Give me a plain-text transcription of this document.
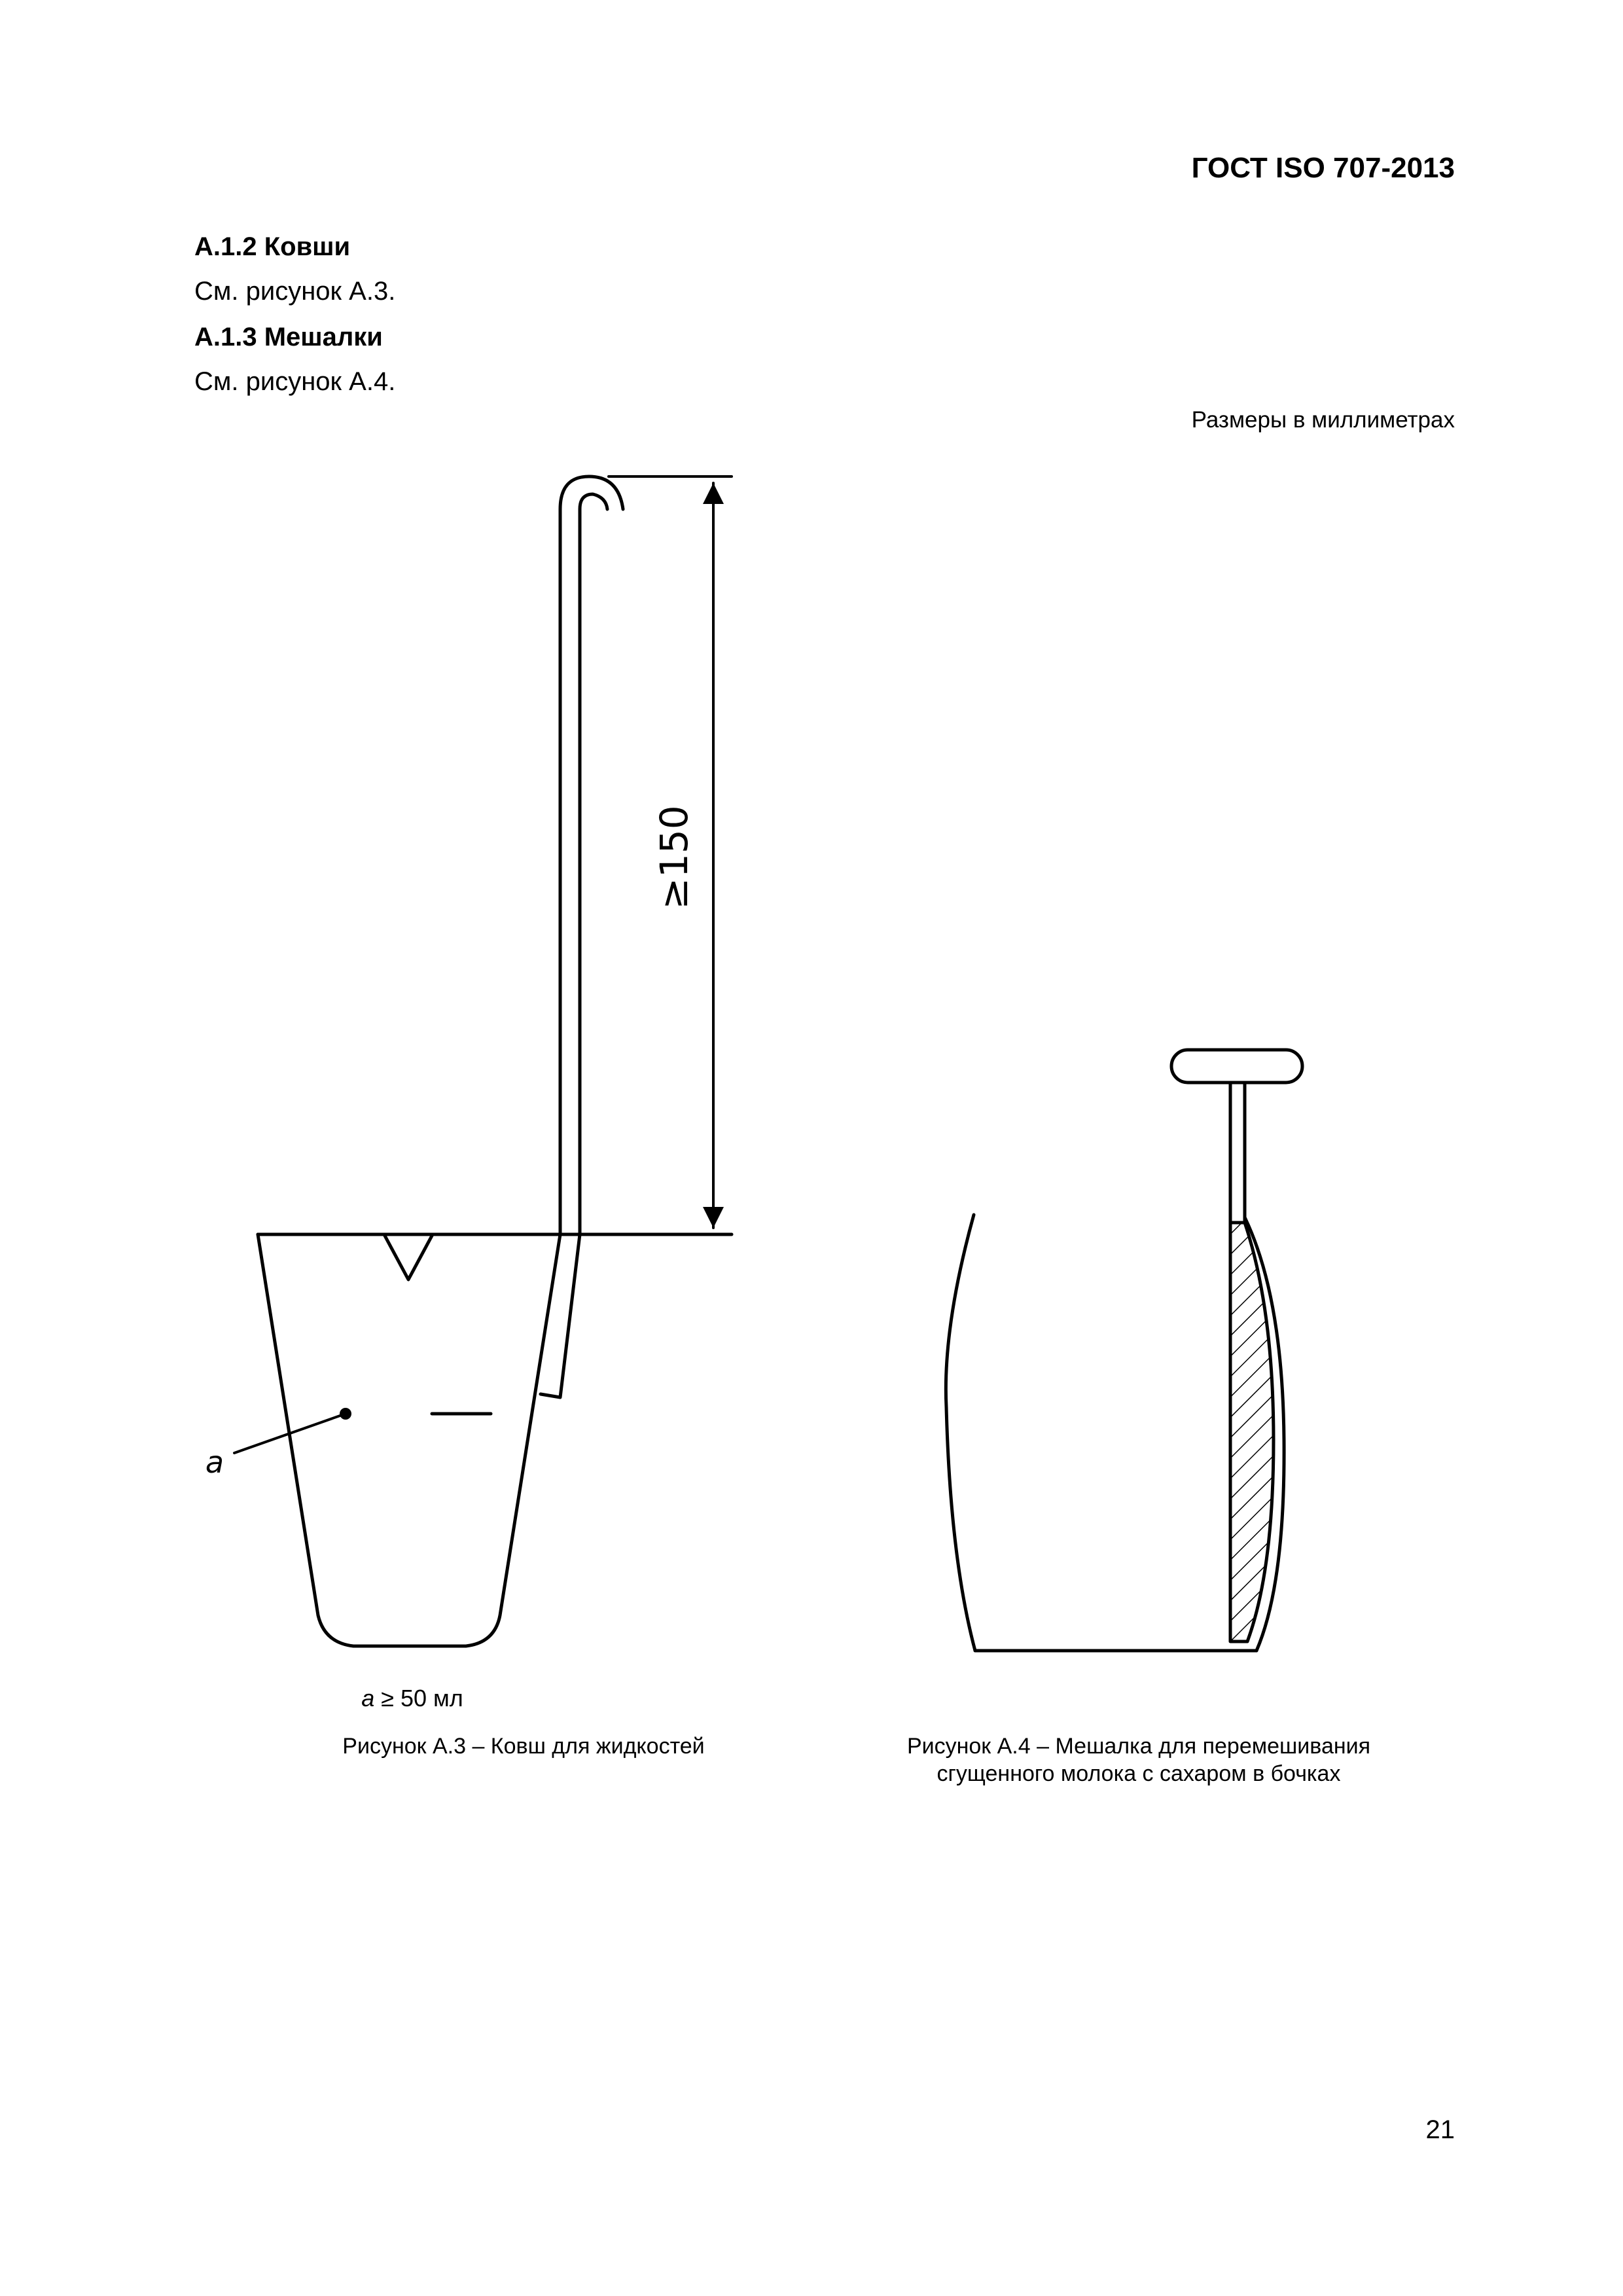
ГОСТ ISO 707-2013
А.1.2 Ковши
См. рисунок А.3.
А.1.3 Мешалки
См. рисунок А.4.
Размеры в миллиметрах
≥150
a
a ≥ 50 мл
Рисунок А.3 – Ковш для жидкостей	Рисунок А.4 – Мешалка для перемешивания
сгущенного молока с сахаром в бочках
21
